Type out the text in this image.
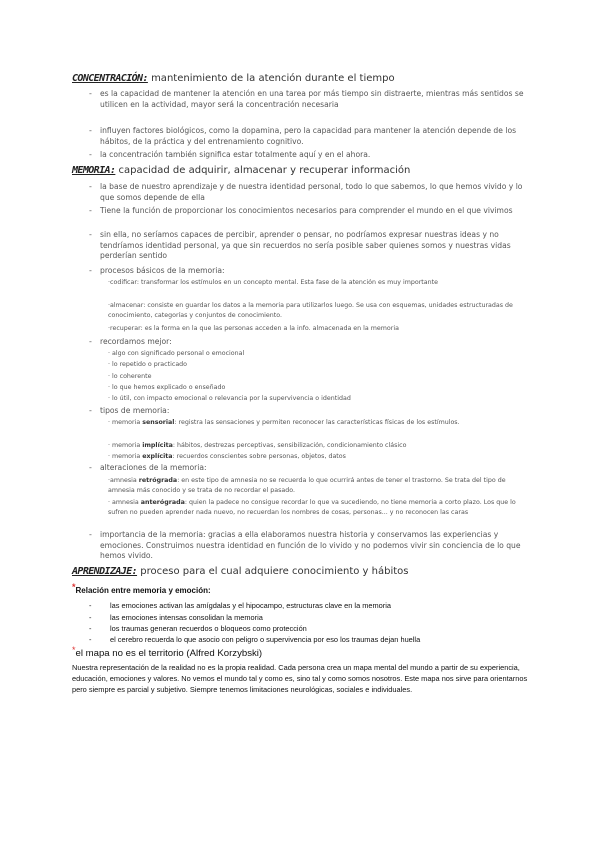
CONCENTRACIÓN: mantenimiento de la atención durante el tiempo
- es la capacidad de mantener la atención en una tarea por más tiempo sin distraerte, mientras más sentidos se utilicen en la actividad, mayor será la concentración necesaria
- influyen factores biológicos, como la dopamina, pero la capacidad para mantener la atención depende de los hábitos, de la práctica y del entrenamiento cognitivo.
- la concentración también significa estar totalmente aquí y en el ahora.
MEMORIA: capacidad de adquirir, almacenar y recuperar información
- la base de nuestro aprendizaje y de nuestra identidad personal, todo lo que sabemos, lo que hemos vivido y lo que somos depende de ella
- Tiene la función de proporcionar los conocimientos necesarios para comprender el mundo en el que vivimos
- sin ella, no seríamos capaces de percibir, aprender o pensar, no podríamos expresar nuestras ideas y no tendríamos identidad personal, ya que sin recuerdos no sería posible saber quienes somos y nuestras vidas perderían sentido
- procesos básicos de la memoria:
·codificar: transformar los estímulos en un concepto mental. Esta fase de la atención es muy importante
·almacenar: consiste en guardar los datos a la memoria para utilizarlos luego. Se usa con esquemas, unidades estructuradas de conocimiento, categorías y conjuntos de conocimiento.
·recuperar: es la forma en la que las personas acceden a la info. almacenada en la memoria
- recordamos mejor:
· algo con significado personal o emocional
· lo repetido o practicado
· lo coherente
· lo que hemos explicado o enseñado
· lo útil, con impacto emocional o relevancia por la supervivencia o identidad
- tipos de memoria:
· memoria sensorial: registra las sensaciones y permiten reconocer las características físicas de los estímulos.
· memoria implícita: hábitos, destrezas perceptivas, sensibilización, condicionamiento clásico
· memoria explícita: recuerdos conscientes sobre personas, objetos, datos
- alteraciones de la memoria:
·amnesia retrógrada: en este tipo de amnesia no se recuerda lo que ocurrirá antes de tener el trastorno. Se trata del tipo de amnesia más conocido y se trata de no recordar el pasado.
· amnesia anterógrada: quien la padece no consigue recordar lo que va sucediendo, no tiene memoria a corto plazo. Los que lo sufren no pueden aprender nada nuevo, no recuerdan los nombres de cosas, personas... y no reconocen las caras
- importancia de la memoria: gracias a ella elaboramos nuestra historia y conservamos las experiencias y emociones. Construimos nuestra identidad en función de lo vivido y no podemos vivir sin conciencia de lo que hemos vivido.
APRENDIZAJE: proceso para el cual adquiere conocimiento y hábitos
*Relación entre memoria y emoción:
-	las emociones activan las amígdalas y el hipocampo, estructuras clave en la memoria
-	las emociones intensas consolidan la memoria
-	los traumas generan recuerdos o bloqueos como protección
-	el cerebro recuerda lo que asocio con peligro o supervivencia por eso los traumas dejan huella
*el mapa no es el territorio (Alfred Korzybski)
Nuestra representación de la realidad no es la propia realidad. Cada persona crea un mapa mental del mundo a partir de su experiencia, educación, emociones y valores. No vemos el mundo tal y como es, sino tal y como somos nosotros. Este mapa nos sirve para orientarnos pero siempre es parcial y subjetivo. Siempre tenemos limitaciones neurológicas, sociales e individuales.
